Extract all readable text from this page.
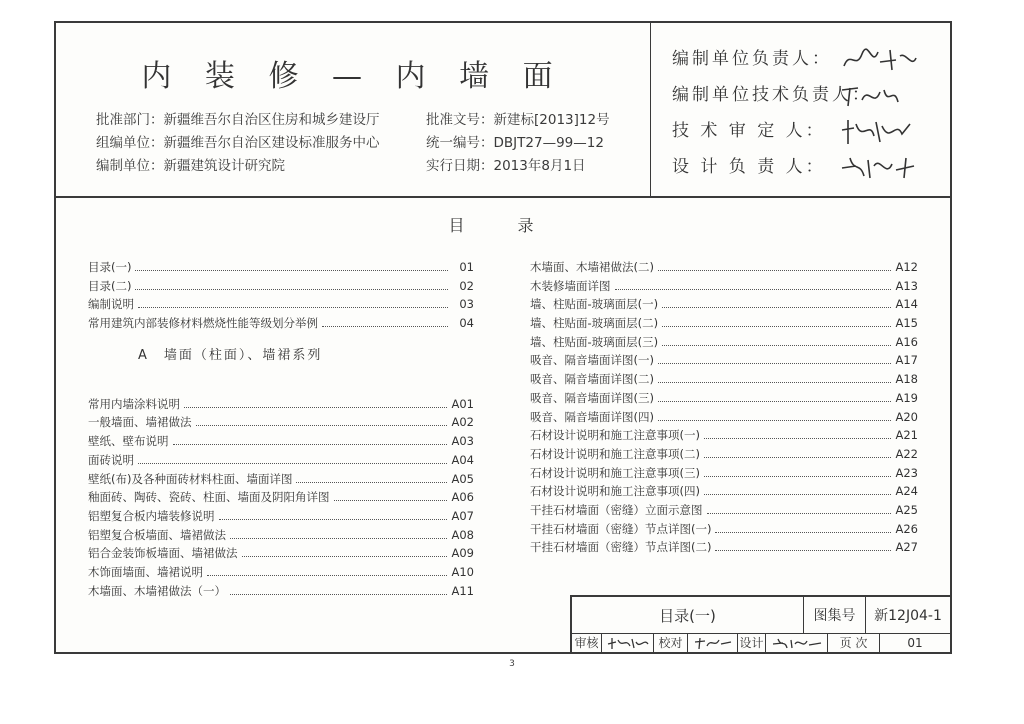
内 装 修 — 内 墙 面
批准部门：新疆维吾尔自治区住房和城乡建设厅
组编单位：新疆维吾尔自治区建设标准服务中心
编制单位：新疆建筑设计研究院
批准文号：新建标[2013]12号
统一编号：DBJT27—99—12
实行日期：2013年8月1日
编制单位负责人：
编制单位技术负责人：
技 术 审 定 人：
设 计 负 责 人：
目 录
目录(一)	01
目录(二)	02
编制说明	03
常用建筑内部装修材料燃烧性能等级划分举例	04
A　墙面（柱面）、墙裙系列
常用内墙涂料说明	A01
一般墙面、墙裙做法	A02
壁纸、壁布说明	A03
面砖说明	A04
壁纸(布)及各种面砖材料柱面、墙面详图	A05
釉面砖、陶砖、瓷砖、柱面、墙面及阴阳角详图	A06
铝塑复合板内墙装修说明	A07
铝塑复合板墙面、墙裙做法	A08
铝合金装饰板墙面、墙裙做法	A09
木饰面墙面、墙裙说明	A10
木墙面、木墙裙做法（一）	A11
木墙面、木墙裙做法(二)	A12
木装修墙面详图	A13
墙、柱贴面-玻璃面层(一)	A14
墙、柱贴面-玻璃面层(二)	A15
墙、柱贴面-玻璃面层(三)	A16
吸音、隔音墙面详图(一)	A17
吸音、隔音墙面详图(二)	A18
吸音、隔音墙面详图(三)	A19
吸音、隔音墙面详图(四)	A20
石材设计说明和施工注意事项(一)	A21
石材设计说明和施工注意事项(二)	A22
石材设计说明和施工注意事项(三)	A23
石材设计说明和施工注意事项(四)	A24
干挂石材墙面（密缝）立面示意图	A25
干挂石材墙面（密缝）节点详图(一)	A26
干挂石材墙面（密缝）节点详图(二)	A27
目录(一)	图集号	新12J04-1
审核	校对	设计	页 次	01
3
